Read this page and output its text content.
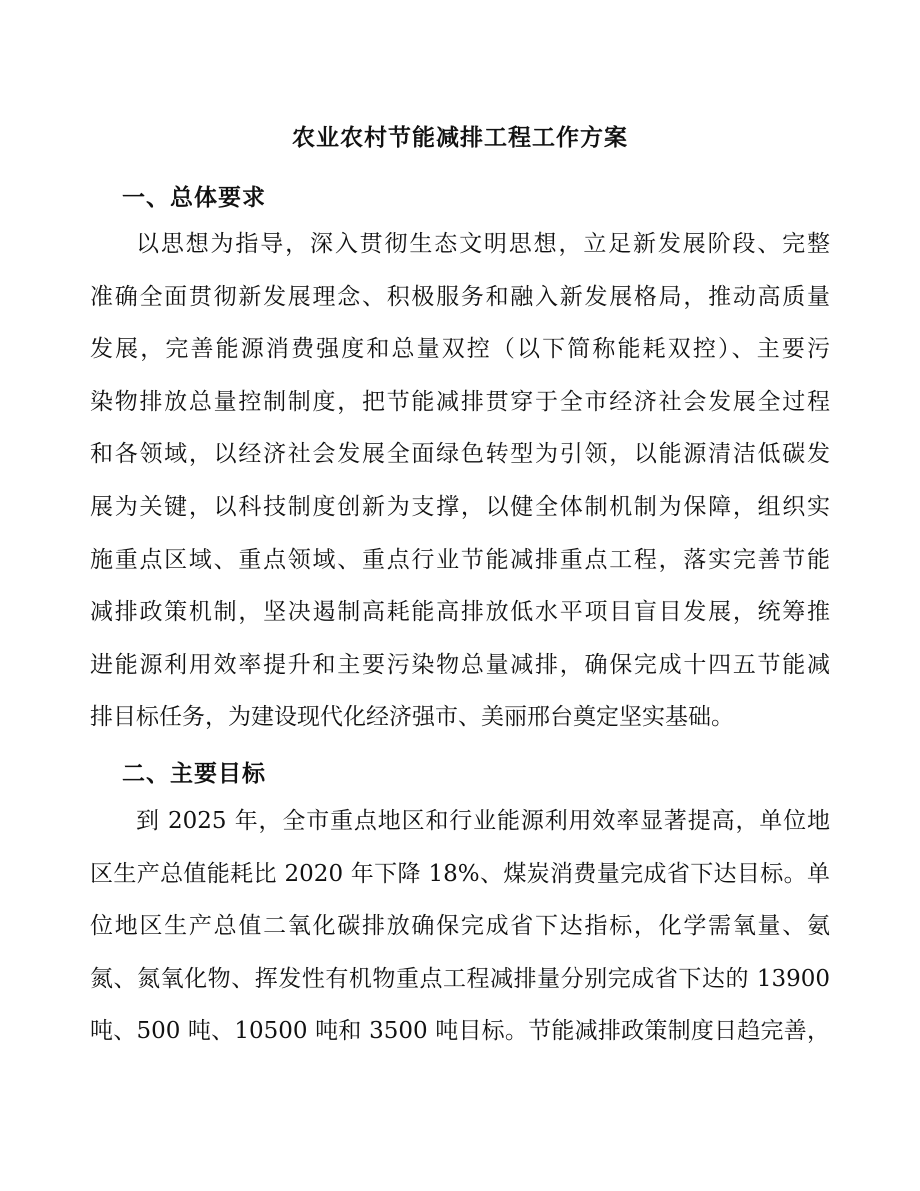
农业农村节能减排工程工作方案
一、总体要求
以思想为指导，深入贯彻生态文明思想，立足新发展阶段、完整
准确全面贯彻新发展理念、积极服务和融入新发展格局，推动高质量
发展，完善能源消费强度和总量双控（以下简称能耗双控）、主要污
染物排放总量控制制度，把节能减排贯穿于全市经济社会发展全过程
和各领域，以经济社会发展全面绿色转型为引领，以能源清洁低碳发
展为关键，以科技制度创新为支撑，以健全体制机制为保障，组织实
施重点区域、重点领域、重点行业节能减排重点工程，落实完善节能
减排政策机制，坚决遏制高耗能高排放低水平项目盲目发展，统筹推
进能源利用效率提升和主要污染物总量减排，确保完成十四五节能减
排目标任务，为建设现代化经济强市、美丽邢台奠定坚实基础。
二、主要目标
到 2025 年，全市重点地区和行业能源利用效率显著提高，单位地
区生产总值能耗比 2020 年下降 18%、煤炭消费量完成省下达目标。单
位地区生产总值二氧化碳排放确保完成省下达指标，化学需氧量、氨
氮、氮氧化物、挥发性有机物重点工程减排量分别完成省下达的 13900
吨、500 吨、10500 吨和 3500 吨目标。节能减排政策制度日趋完善，
